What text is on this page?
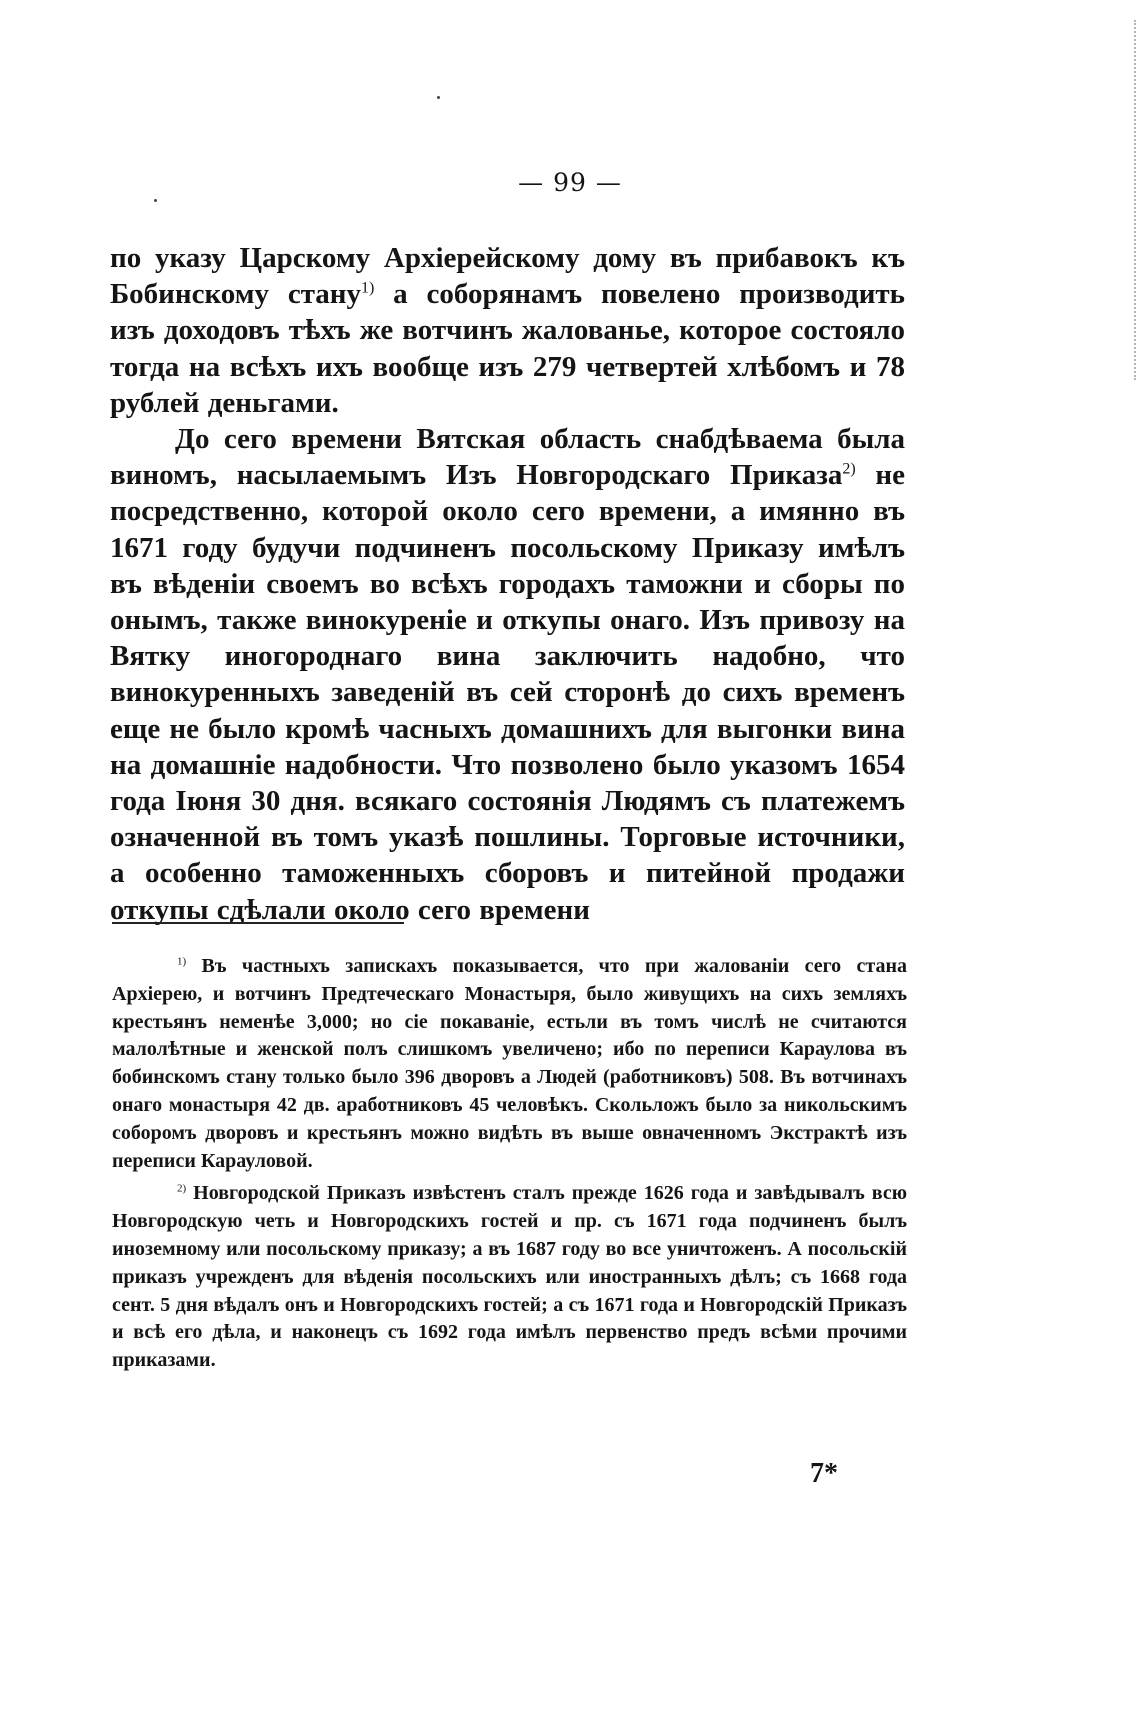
— 99 —

по указу Царскому Архіерейскому дому въ прибавокъ къ Бобинскому стану$^{1)}$ а соборянамъ повелено производить изъ доходовъ тѣхъ же вотчинъ жалованье, которое состояло тогда на всѣхъ ихъ вообще изъ 279 четвертей хлѣбомъ и 78 рублей деньгами.

До сего времени Вятская область снабдѣваема была виномъ, насылаемымъ Изъ Новгородскаго Приказа$^{2)}$ не посредственно, которой около сего времени, а имянно въ 1671 году будучи подчиненъ посольскому Приказу имѣлъ въ вѣденіи своемъ во всѣхъ городахъ таможни и сборы по онымъ, также винокуреніе и откупы онаго. Изъ привозу на Вятку иногороднаго вина заключить надобно, что винокуренныхъ заведеній въ сей сторонѣ до сихъ временъ еще не было кромѣ часныхъ домашнихъ для выгонки вина на домашніе надобности. Что позволено было указомъ 1654 года Іюня 30 дня. всякаго состоянія Людямъ съ платежемъ означенной въ томъ указѣ пошлины. Торговые источники, а особенно таможенныхъ сборовъ и питейной продажи откупы сдѣлали около сего времени

$^{1)}$ Въ частныхъ запискахъ показывается, что при жалованіи сего стана Архіерею, и вотчинъ Предтеческаго Монастыря, было живущихъ на сихъ земляхъ крестьянъ неменѣе 3,000; но сіе покаваніе, естьли въ томъ числѣ не считаются малолѣтные и женской полъ слишкомъ увеличено; ибо по переписи Караулова въ бобинскомъ стану только было 396 дворовъ а Людей (работниковъ) 508. Въ вотчинахъ онаго монастыря 42 дв. аработниковъ 45 человѣкъ. Скольложъ было за никольскимъ соборомъ дворовъ и крестьянъ можно видѣть въ выше овначенномъ Экстрактѣ изъ переписи Карауловой.

$^{2)}$ Новгородской Приказъ извѣстенъ сталъ прежде 1626 года и завѣдывалъ всю Новгородскую четь и Новгородскихъ гостей и пр. съ 1671 года подчиненъ былъ иноземному или посольскому приказу; а въ 1687 году во все уничтоженъ. А посольскій приказъ учрежденъ для вѣденія посольскихъ или иностранныхъ дѣлъ; съ 1668 года сент. 5 дня вѣдалъ онъ и Новгородскихъ гостей; а съ 1671 года и Новгородскій Приказъ и всѣ его дѣла, и наконецъ съ 1692 года имѣлъ первенство предъ всѣми прочими приказами.

7*
